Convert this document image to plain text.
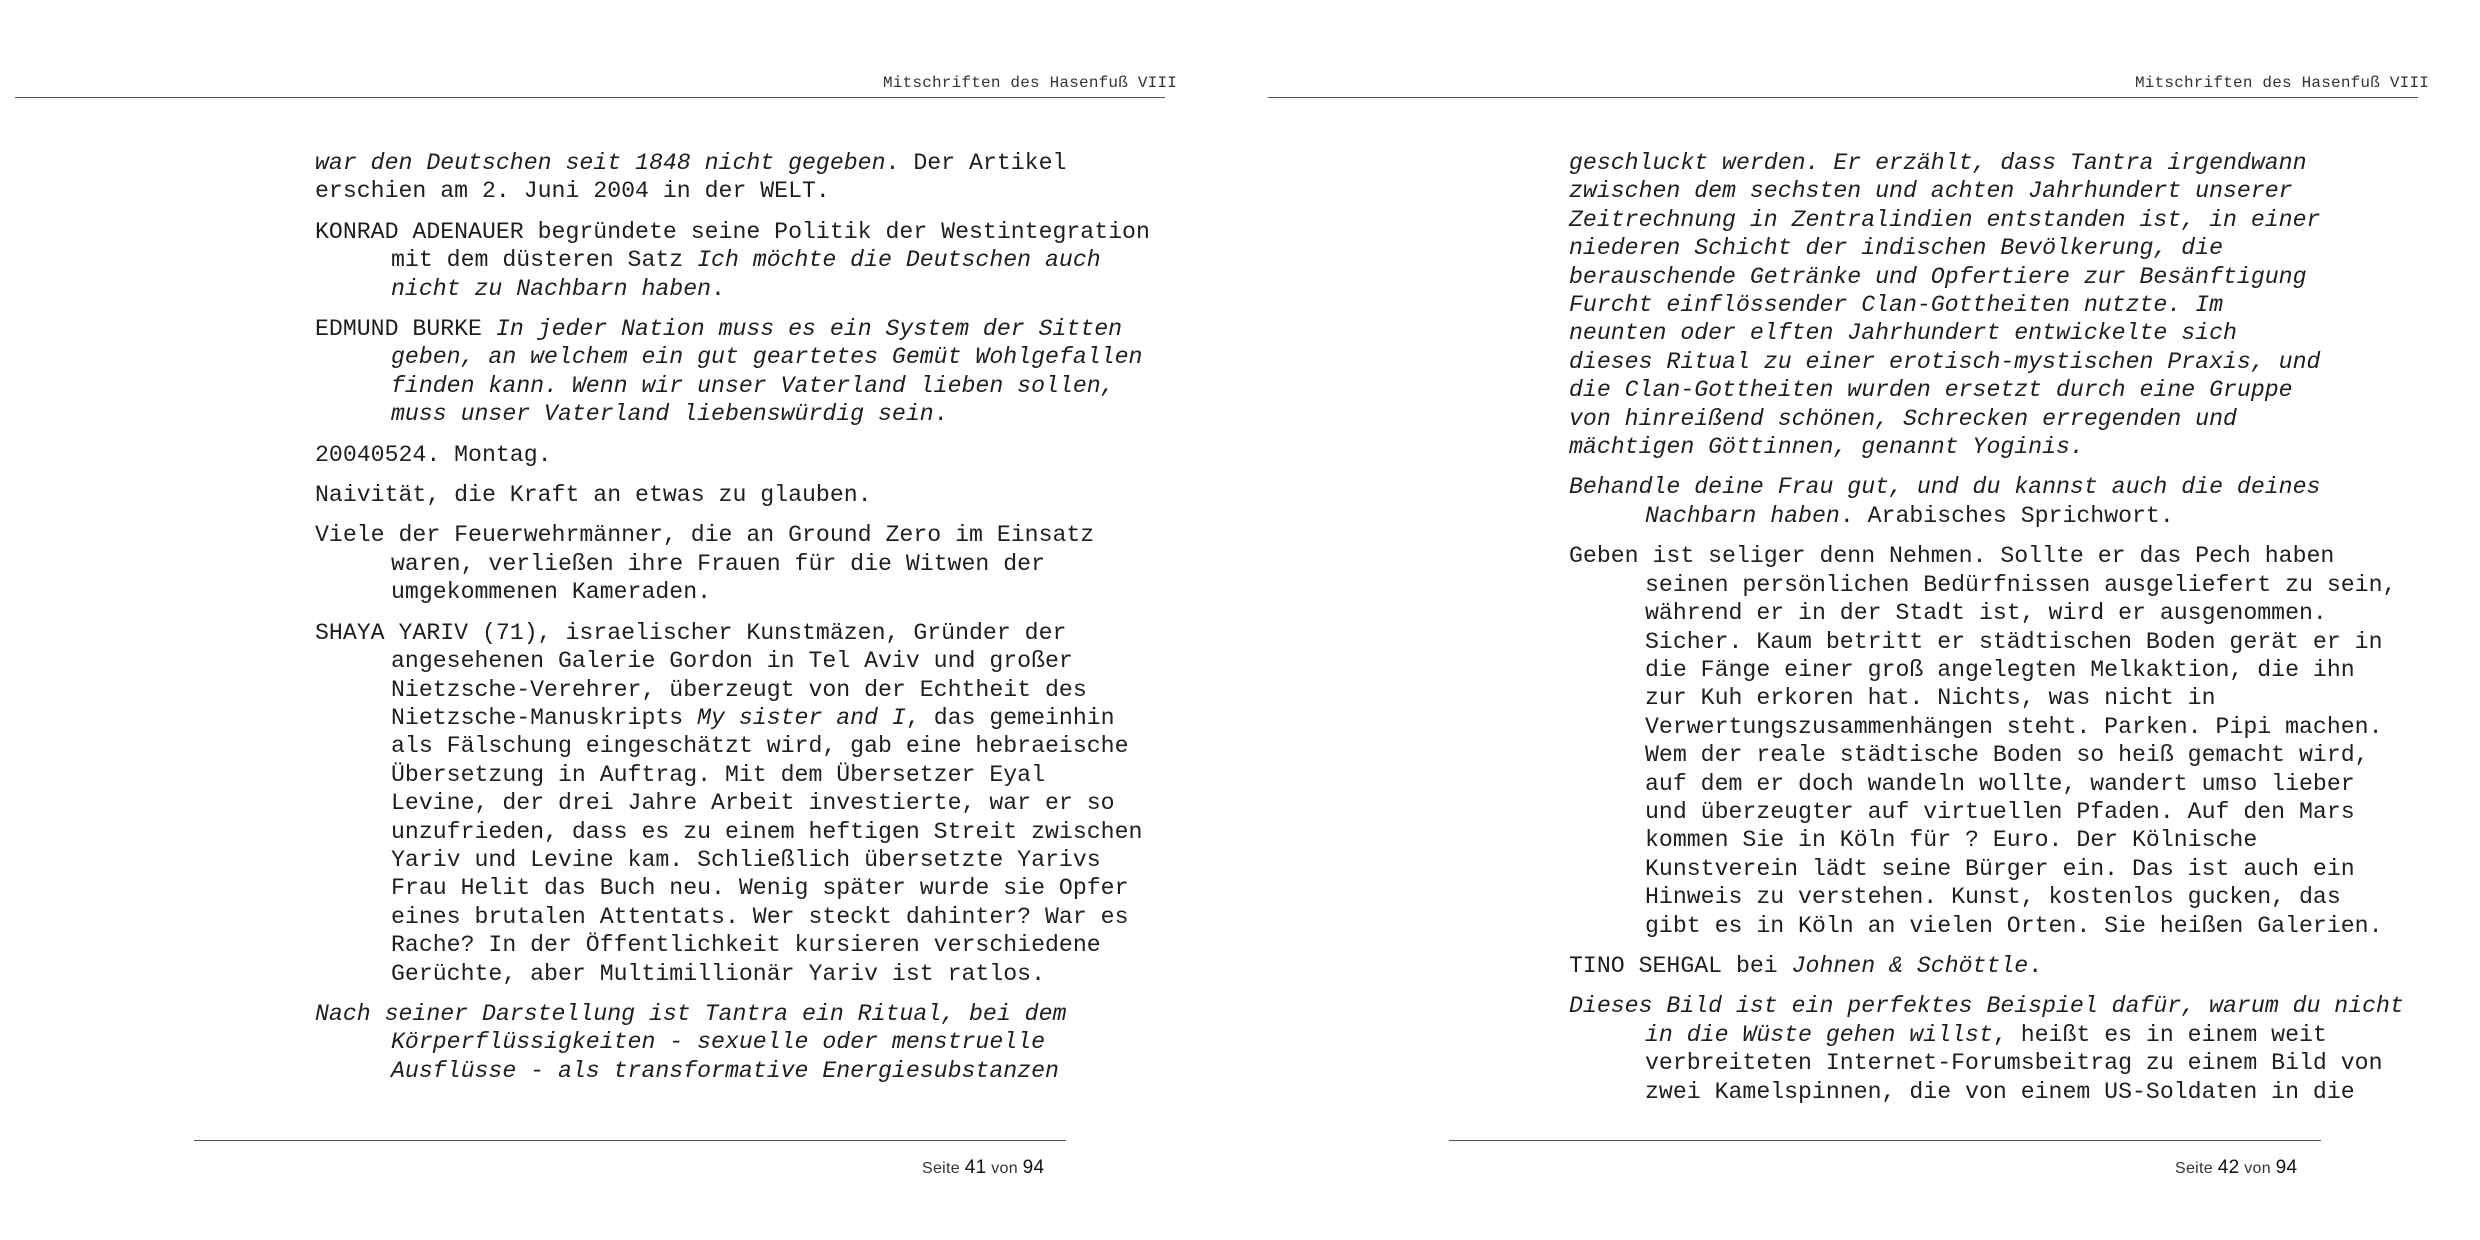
Mitschriften des Hasenfuß VIII
war den Deutschen seit 1848 nicht gegeben. Der Artikel
erschien am 2. Juni 2004 in der WELT.
KONRAD ADENAUER begründete seine Politik der Westintegration
mit dem düsteren Satz Ich möchte die Deutschen auch
nicht zu Nachbarn haben.
EDMUND BURKE In jeder Nation muss es ein System der Sitten
geben, an welchem ein gut geartetes Gemüt Wohlgefallen
finden kann. Wenn wir unser Vaterland lieben sollen,
muss unser Vaterland liebenswürdig sein.
20040524. Montag.
Naivität, die Kraft an etwas zu glauben.
Viele der Feuerwehrmänner, die an Ground Zero im Einsatz
waren, verließen ihre Frauen für die Witwen der
umgekommenen Kameraden.
SHAYA YARIV (71), israelischer Kunstmäzen, Gründer der
angesehenen Galerie Gordon in Tel Aviv und großer
Nietzsche-Verehrer, überzeugt von der Echtheit des
Nietzsche-Manuskripts My sister and I, das gemeinhin
als Fälschung eingeschätzt wird, gab eine hebraeische
Übersetzung in Auftrag. Mit dem Übersetzer Eyal
Levine, der drei Jahre Arbeit investierte, war er so
unzufrieden, dass es zu einem heftigen Streit zwischen
Yariv und Levine kam. Schließlich übersetzte Yarivs
Frau Helit das Buch neu. Wenig später wurde sie Opfer
eines brutalen Attentats. Wer steckt dahinter? War es
Rache? In der Öffentlichkeit kursieren verschiedene
Gerüchte, aber Multimillionär Yariv ist ratlos.
Nach seiner Darstellung ist Tantra ein Ritual, bei dem
Körperflüssigkeiten - sexuelle oder menstruelle
Ausflüsse - als transformative Energiesubstanzen
Seite 41 von 94
Mitschriften des Hasenfuß VIII
geschluckt werden. Er erzählt, dass Tantra irgendwann
zwischen dem sechsten und achten Jahrhundert unserer
Zeitrechnung in Zentralindien entstanden ist, in einer
niederen Schicht der indischen Bevölkerung, die
berauschende Getränke und Opfertiere zur Besänftigung
Furcht einflössender Clan-Gottheiten nutzte. Im
neunten oder elften Jahrhundert entwickelte sich
dieses Ritual zu einer erotisch-mystischen Praxis, und
die Clan-Gottheiten wurden ersetzt durch eine Gruppe
von hinreißend schönen, Schrecken erregenden und
mächtigen Göttinnen, genannt Yoginis.
Behandle deine Frau gut, und du kannst auch die deines
Nachbarn haben. Arabisches Sprichwort.
Geben ist seliger denn Nehmen. Sollte er das Pech haben
seinen persönlichen Bedürfnissen ausgeliefert zu sein,
während er in der Stadt ist, wird er ausgenommen.
Sicher. Kaum betritt er städtischen Boden gerät er in
die Fänge einer groß angelegten Melkaktion, die ihn
zur Kuh erkoren hat. Nichts, was nicht in
Verwertungszusammenhängen steht. Parken. Pipi machen.
Wem der reale städtische Boden so heiß gemacht wird,
auf dem er doch wandeln wollte, wandert umso lieber
und überzeugter auf virtuellen Pfaden. Auf den Mars
kommen Sie in Köln für ? Euro. Der Kölnische
Kunstverein lädt seine Bürger ein. Das ist auch ein
Hinweis zu verstehen. Kunst, kostenlos gucken, das
gibt es in Köln an vielen Orten. Sie heißen Galerien.
TINO SEHGAL bei Johnen & Schöttle.
Dieses Bild ist ein perfektes Beispiel dafür, warum du nicht
in die Wüste gehen willst, heißt es in einem weit
verbreiteten Internet-Forumsbeitrag zu einem Bild von
zwei Kamelspinnen, die von einem US-Soldaten in die
Seite 42 von 94
